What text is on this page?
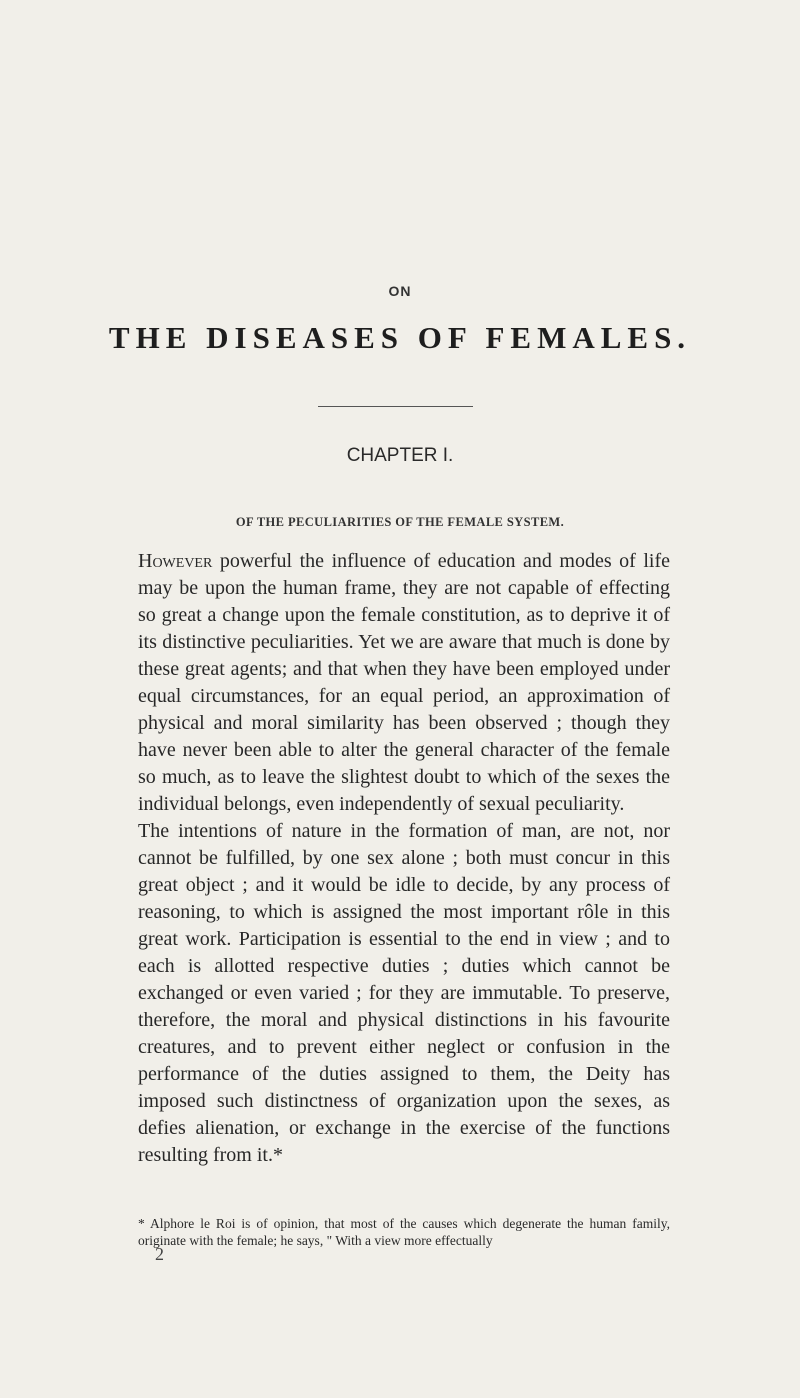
ON
THE DISEASES OF FEMALES.
CHAPTER I.
OF THE PECULIARITIES OF THE FEMALE SYSTEM.

However powerful the influence of education and modes of life may be upon the human frame, they are not capable of effecting so great a change upon the female constitution, as to deprive it of its distinctive peculiarities. Yet we are aware that much is done by these great agents; and that when they have been employed under equal circumstances, for an equal period, an approximation of physical and moral similarity has been observed ; though they have never been able to alter the general character of the female so much, as to leave the slightest doubt to which of the sexes the individual belongs, even independently of sexual peculiarity.

The intentions of nature in the formation of man, are not, nor cannot be fulfilled, by one sex alone ; both must concur in this great object ; and it would be idle to decide, by any process of reasoning, to which is assigned the most important rôle in this great work. Participation is essential to the end in view ; and to each is allotted respective duties ; duties which cannot be exchanged or even varied ; for they are immutable. To preserve, therefore, the moral and physical distinctions in his favourite creatures, and to prevent either neglect or confusion in the performance of the duties assigned to them, the Deity has imposed such distinctness of organization upon the sexes, as defies alienation, or exchange in the exercise of the functions resulting from it.*

* Alphore le Roi is of opinion, that most of the causes which degenerate the human family, originate with the female; he says, " With a view more effectually
2
